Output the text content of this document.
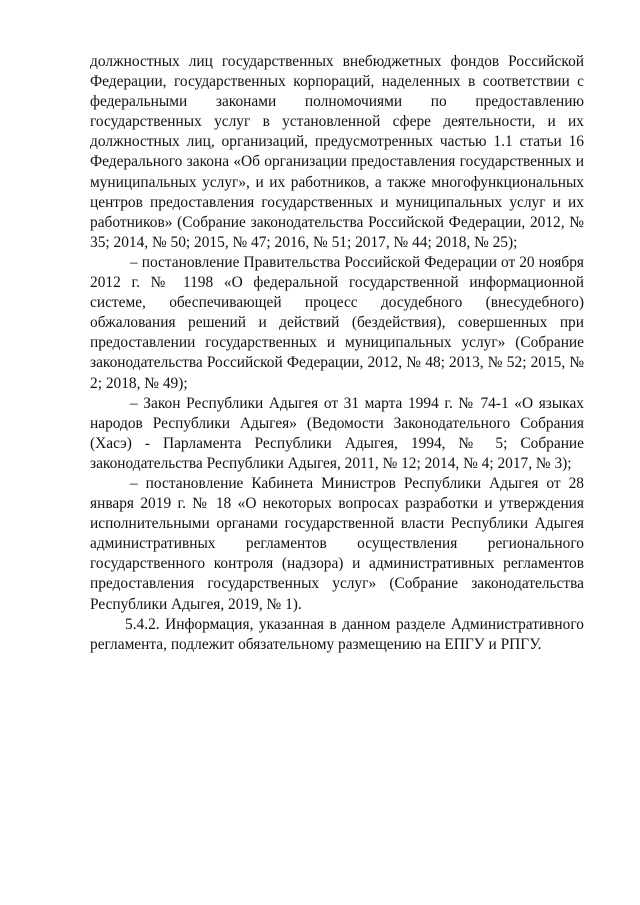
должностных лиц государственных внебюджетных фондов Российской Федерации, государственных корпораций, наделенных в соответствии с федеральными законами полномочиями по предоставлению государственных услуг в установленной сфере деятельности, и их должностных лиц, организаций, предусмотренных частью 1.1 статьи 16 Федерального закона «Об организации предоставления государственных и муниципальных услуг», и их работников, а также многофункциональных центров предоставления государственных и муниципальных услуг и их работников» (Собрание законодательства Российской Федерации, 2012, № 35; 2014, № 50; 2015, № 47; 2016, № 51; 2017, № 44; 2018, № 25);

– постановление Правительства Российской Федерации от 20 ноября 2012 г. № 1198 «О федеральной государственной информационной системе, обеспечивающей процесс досудебного (внесудебного) обжалования решений и действий (бездействия), совершенных при предоставлении государственных и муниципальных услуг» (Собрание законодательства Российской Федерации, 2012, № 48; 2013, № 52; 2015, № 2; 2018, № 49);

– Закон Республики Адыгея от 31 марта 1994 г. № 74-1 «О языках народов Республики Адыгея» (Ведомости Законодательного Собрания (Хасэ) - Парламента Республики Адыгея, 1994, № 5; Собрание законодательства Республики Адыгея, 2011, № 12; 2014, № 4; 2017, № 3);

– постановление Кабинета Министров Республики Адыгея от 28 января 2019 г. № 18 «О некоторых вопросах разработки и утверждения исполнительными органами государственной власти Республики Адыгея административных регламентов осуществления регионального государственного контроля (надзора) и административных регламентов предоставления государственных услуг» (Собрание законодательства Республики Адыгея, 2019, № 1).

5.4.2. Информация, указанная в данном разделе Административного регламента, подлежит обязательному размещению на ЕПГУ и РПГУ.
